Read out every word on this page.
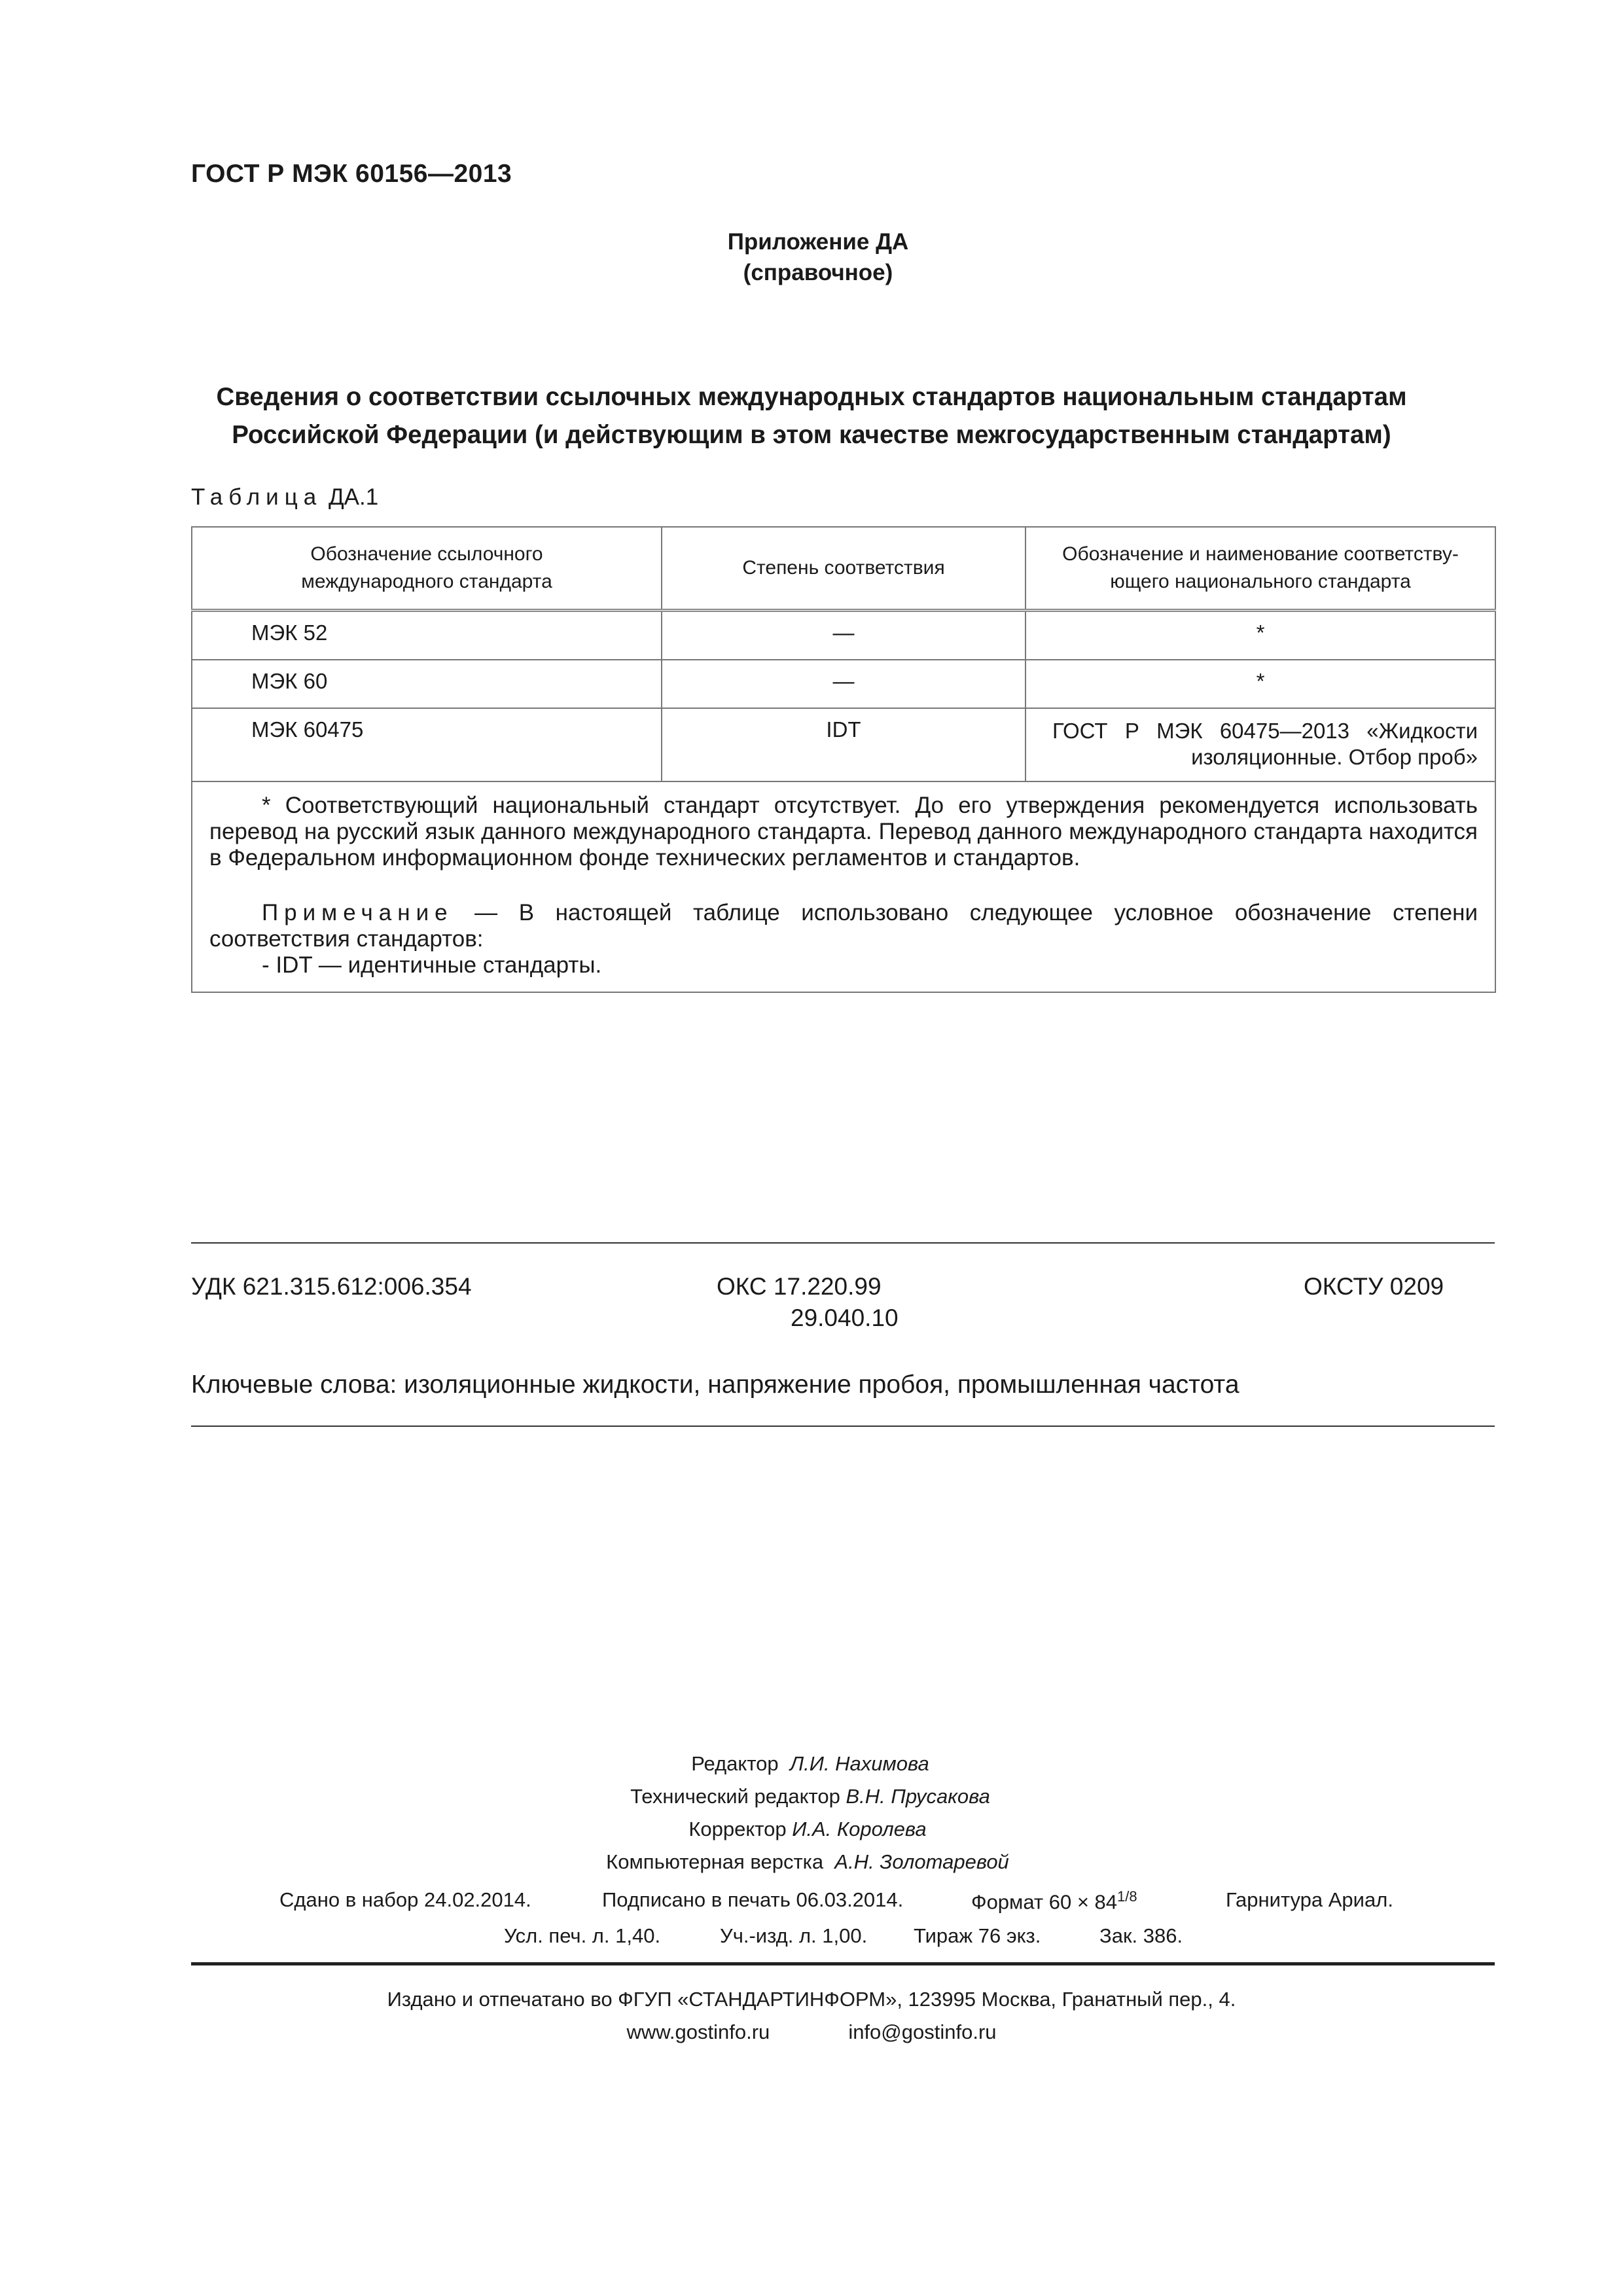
ГОСТ Р МЭК 60156—2013
Приложение ДА
(справочное)
Сведения о соответствии ссылочных международных стандартов национальным стандартам
Российской Федерации (и действующим в этом качестве межгосударственным стандартам)
Таблица ДА.1
Обозначение ссылочного международного стандарта	Степень соответствия	Обозначение и наименование соответству-ющего национального стандарта

МЭК 52	—	*
МЭК 60	—	*
МЭК 60475	IDT	ГОСТ Р МЭК 60475—2013 «Жидкости изоляционные. Отбор проб»

* Соответствующий национальный стандарт отсутствует. До его утверждения рекомендуется использовать перевод на русский язык данного международного стандарта. Перевод данного международного стандарта находится в Федеральном информационном фонде технических регламентов и стандартов.
Примечание — В настоящей таблице использовано следующее условное обозначение степени соответствия стандартов:
- IDT — идентичные стандарты.		
УДК 621.315.612:006.354	ОКС 17.220.99
29.040.10
ОКСТУ 0209
Ключевые слова: изоляционные жидкости, напряжение пробоя, промышленная частота
Редактор Л.И. Нахимова
Технический редактор В.Н. Прусакова
Корректор И.А. Королева
Компьютерная верстка А.Н. Золотаревой
Сдано в набор 24.02.2014.	Подписано в печать 06.03.2014.	Формат $60 \times 84^{1/8}$	Гарнитура Ариал.
Усл. печ. л. 1,40.	Уч.-изд. л. 1,00. Тираж 76 экз.	Зак. 386.
Издано и отпечатано во ФГУП «СТАНДАРТИНФОРМ», 123995 Москва, Гранатный пер., 4.
www.gostinfo.ru	info@gostinfo.ru
